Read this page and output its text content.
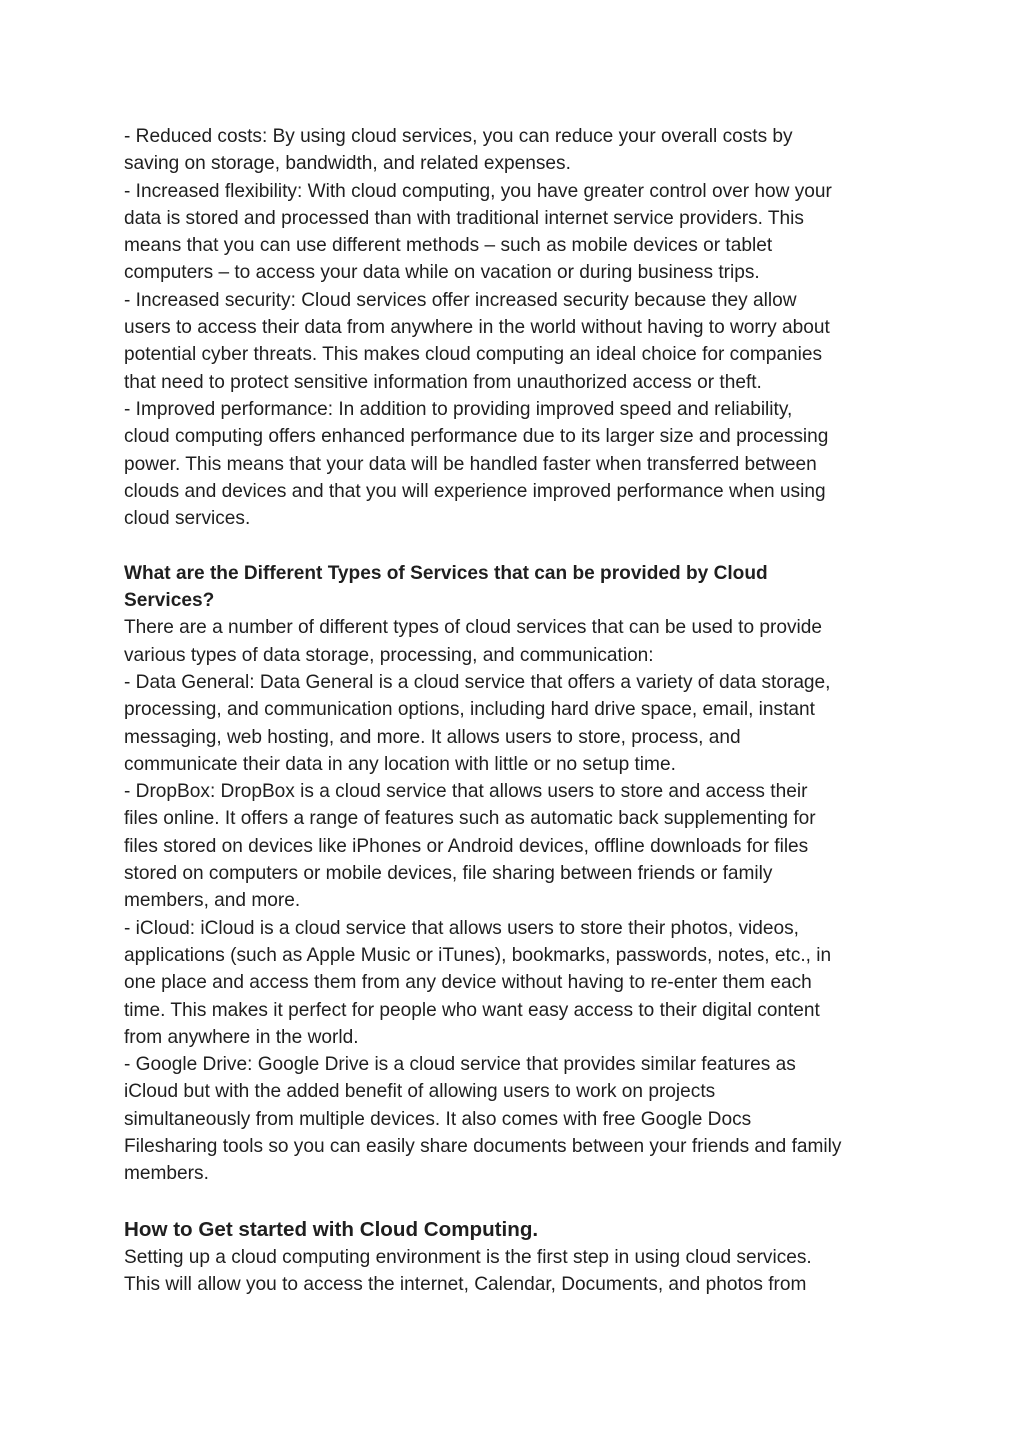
- Reduced costs: By using cloud services, you can reduce your overall costs by

saving on storage, bandwidth, and related expenses.

- Increased flexibility: With cloud computing, you have greater control over how your

data is stored and processed than with traditional internet service providers. This

means that you can use different methods – such as mobile devices or tablet

computers – to access your data while on vacation or during business trips.

- Increased security: Cloud services offer increased security because they allow

users to access their data from anywhere in the world without having to worry about

potential cyber threats. This makes cloud computing an ideal choice for companies

that need to protect sensitive information from unauthorized access or theft.

- Improved performance: In addition to providing improved speed and reliability,

cloud computing offers enhanced performance due to its larger size and processing

power. This means that your data will be handled faster when transferred between

clouds and devices and that you will experience improved performance when using

cloud services.

What are the Different Types of Services that can be provided by Cloud

Services?

There are a number of different types of cloud services that can be used to provide

various types of data storage, processing, and communication:

- Data General: Data General is a cloud service that offers a variety of data storage,

processing, and communication options, including hard drive space, email, instant

messaging, web hosting, and more. It allows users to store, process, and

communicate their data in any location with little or no setup time.

- DropBox: DropBox is a cloud service that allows users to store and access their

files online. It offers a range of features such as automatic back supplementing for

files stored on devices like iPhones or Android devices, offline downloads for files

stored on computers or mobile devices, file sharing between friends or family

members, and more.

- iCloud: iCloud is a cloud service that allows users to store their photos, videos,

applications (such as Apple Music or iTunes), bookmarks, passwords, notes, etc., in

one place and access them from any device without having to re-enter them each

time. This makes it perfect for people who want easy access to their digital content

from anywhere in the world.

- Google Drive: Google Drive is a cloud service that provides similar features as

iCloud but with the added benefit of allowing users to work on projects

simultaneously from multiple devices. It also comes with free Google Docs

Filesharing tools so you can easily share documents between your friends and family

members.

How to Get started with Cloud Computing.

Setting up a cloud computing environment is the first step in using cloud services.

This will allow you to access the internet, Calendar, Documents, and photos from
